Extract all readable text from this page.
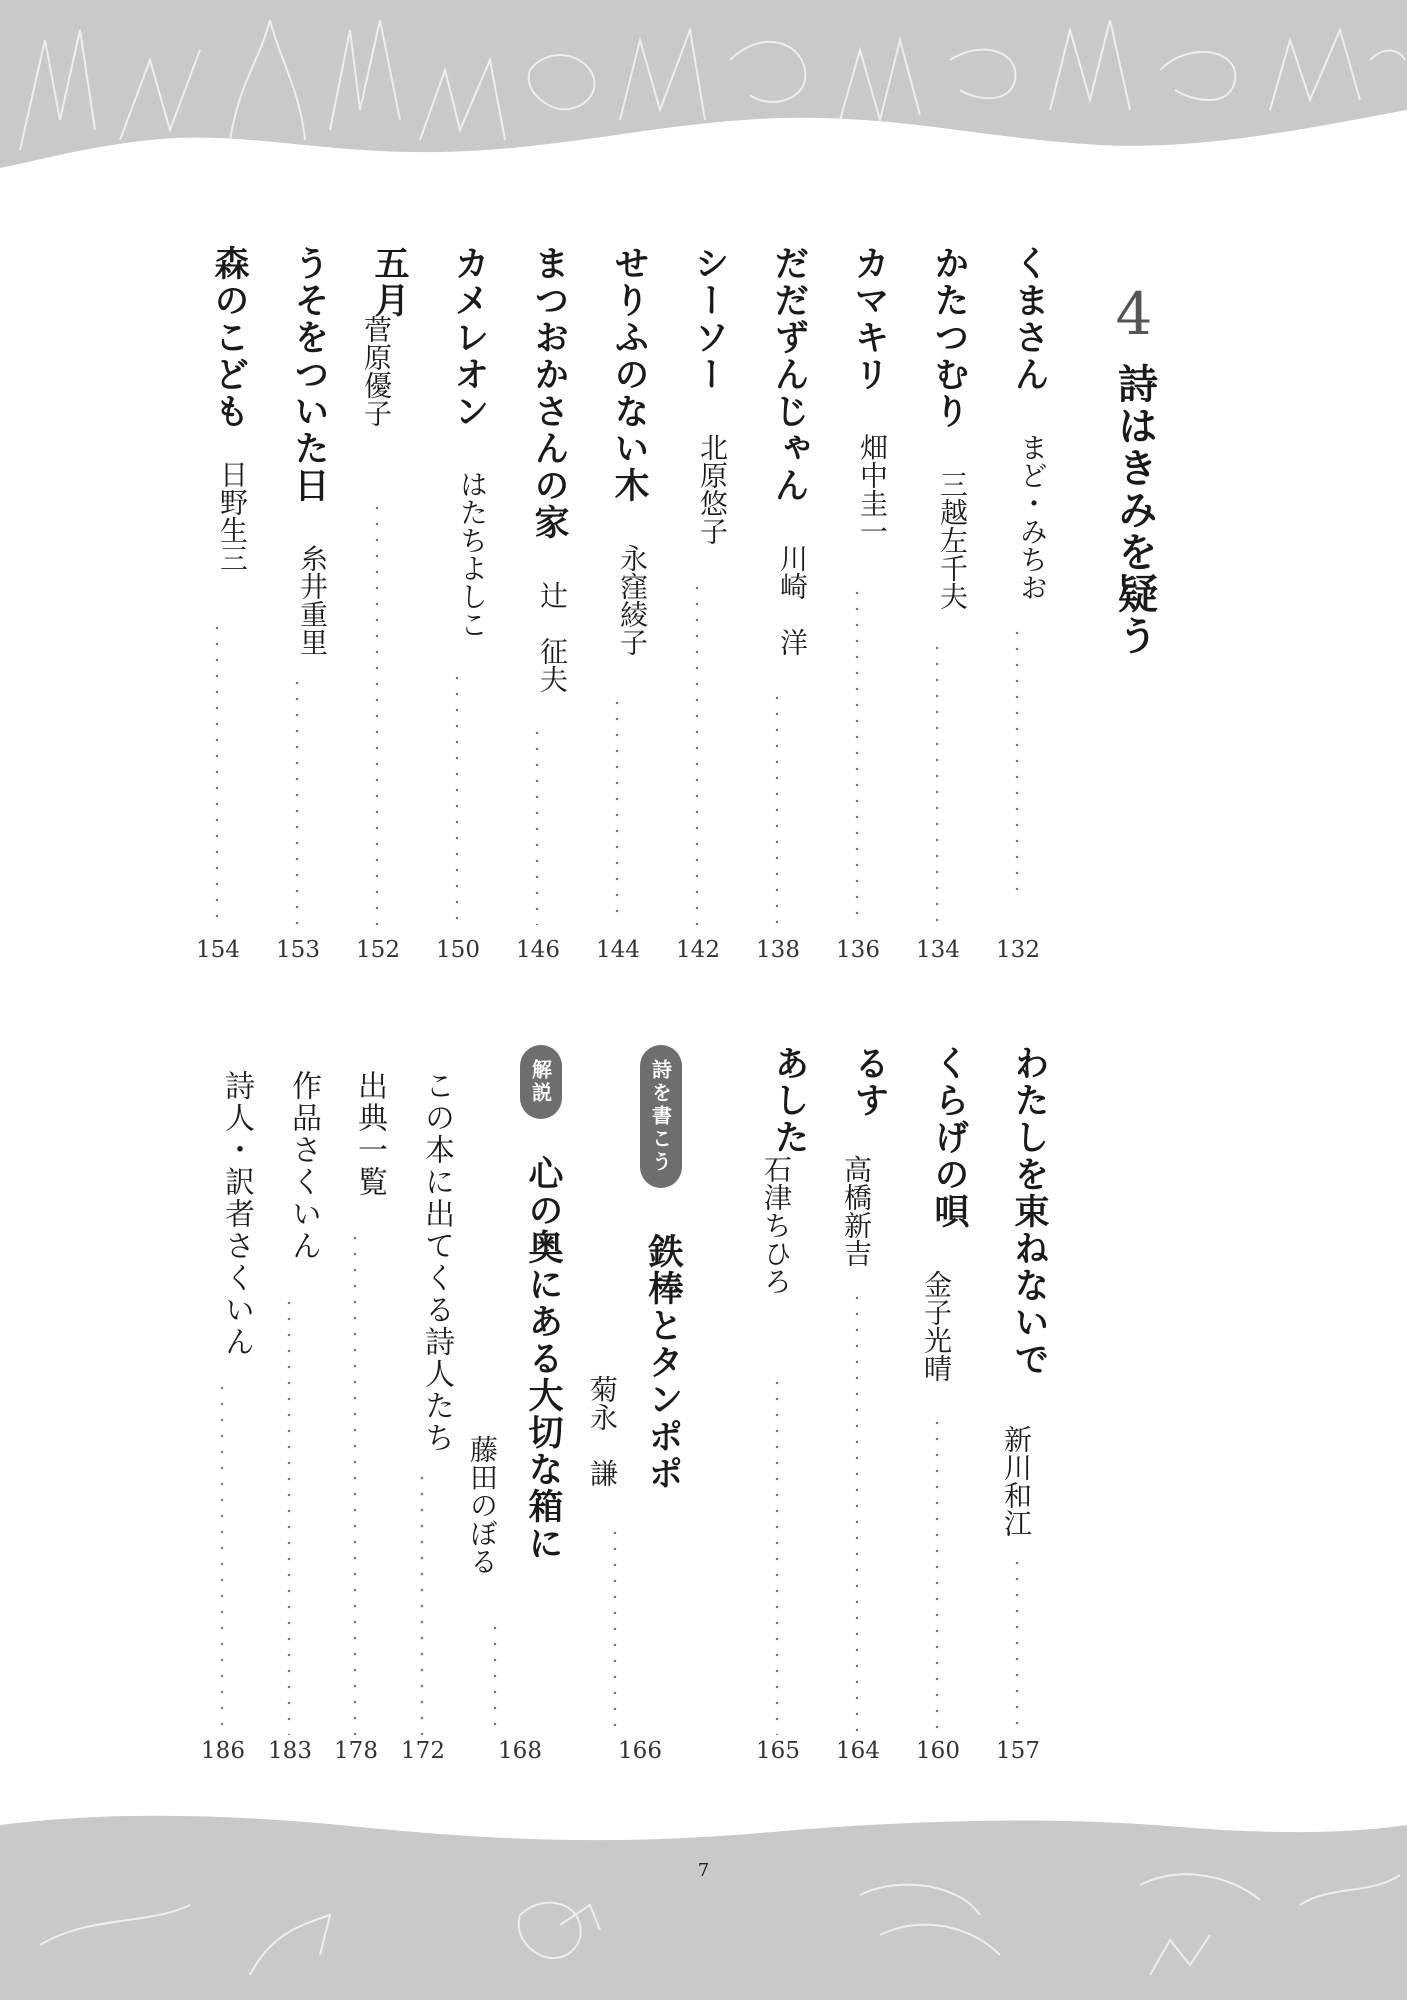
4
詩はきみを疑う
くまさん
まど・みちお
132
かたつむり
三越左千夫
134
カマキリ
畑中圭一
136
だだずんじゃん
川崎　洋
138
シーソー
北原悠子
142
せりふのない木
永窪綾子
144
まつおかさんの家
辻　征夫
146
カメレオン
はたちよしこ
150
五月
菅原優子
152
うそをついた日
糸井重里
153
森のこども
日野生三
154
わたしを束ねないで
新川和江
157
くらげの唄
金子光晴
160
るす
高橋新吉
164
あした
石津ちひろ
165
詩を書こう
鉄棒とタンポポ
菊永　謙
166
解説
心の奥にある大切な箱に
藤田のぼる
168
この本に出てくる詩人たち
172
出典一覧
178
作品さくいん
183
詩人・訳者さくいん
186
7
